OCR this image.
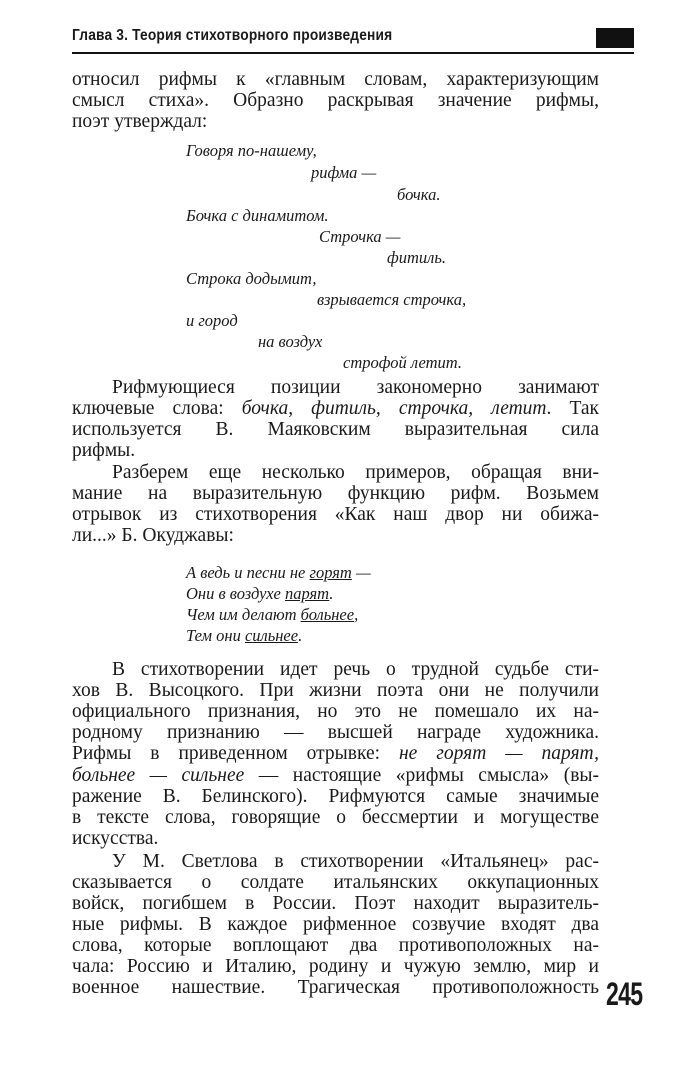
Глава 3. Теория стихотворного произведения
относил рифмы к «главным словам, характеризующим
смысл стиха». Образно раскрывая значение рифмы,
поэт утверждал:
Говоря по-нашему,
рифма —
бочка.
Бочка с динамитом.
Строчка —
фитиль.
Строка додымит,
взрывается строчка,
и город
на воздух
строфой летит.
Рифмующиеся позиции закономерно занимают
ключевые слова: бочка, фитиль, строчка, летит. Так
используется В. Маяковским выразительная сила
рифмы.
Разберем еще несколько примеров, обращая вни-
мание на выразительную функцию рифм. Возьмем
отрывок из стихотворения «Как наш двор ни обижа-
ли...» Б. Окуджавы:
А ведь и песни не горят —
Они в воздухе парят.
Чем им делают больнее,
Тем они сильнее.
В стихотворении идет речь о трудной судьбе сти-
хов В. Высоцкого. При жизни поэта они не получили
официального признания, но это не помешало их на-
родному признанию — высшей награде художника.
Рифмы в приведенном отрывке: не горят — парят,
больнее — сильнее — настоящие «рифмы смысла» (вы-
ражение В. Белинского). Рифмуются самые значимые
в тексте слова, говорящие о бессмертии и могуществе
искусства.
У М. Светлова в стихотворении «Итальянец» рас-
сказывается о солдате итальянских оккупационных
войск, погибшем в России. Поэт находит выразитель-
ные рифмы. В каждое рифменное созвучие входят два
слова, которые воплощают два противоположных на-
чала: Россию и Италию, родину и чужую землю, мир и
военное нашествие. Трагическая противоположность 245
